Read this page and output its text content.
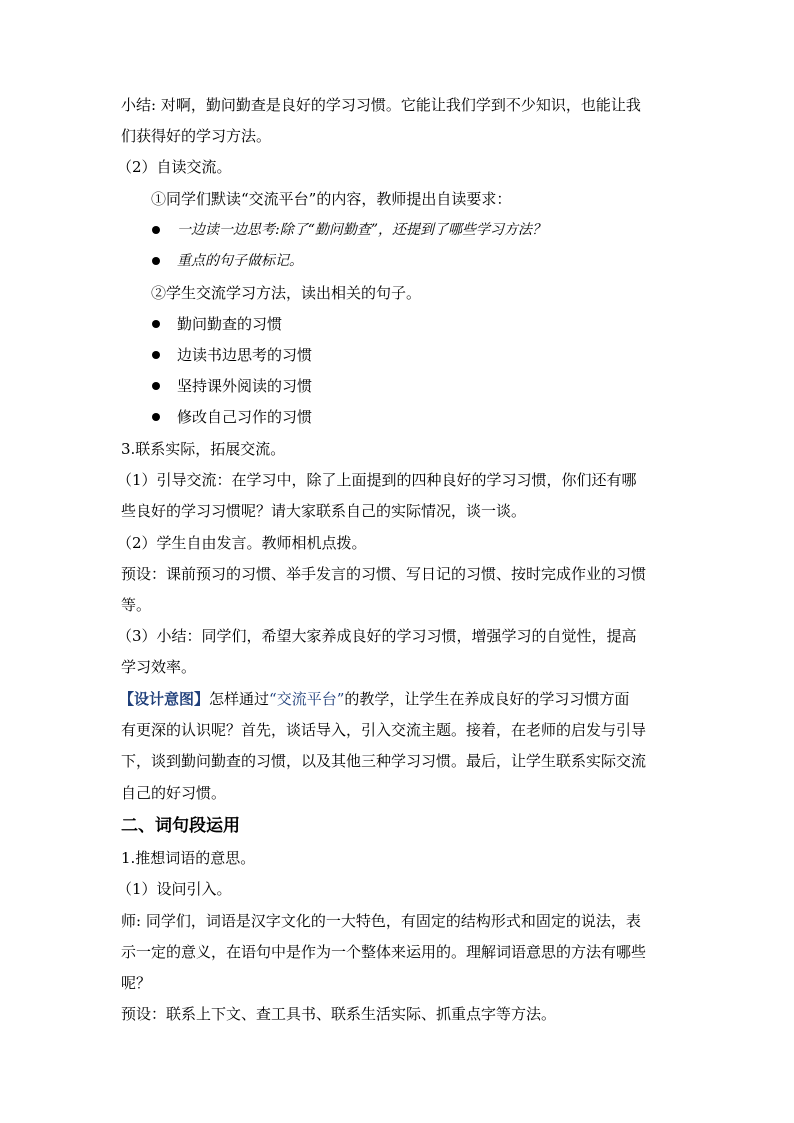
小结: 对啊，勤问勤查是良好的学习习惯。它能让我们学到不少知识，也能让我
们获得好的学习方法。
（2）自读交流。
①同学们默读“交流平台”的内容，教师提出自读要求：
一边读一边思考:除了“勤问勤查”，还提到了哪些学习方法？
重点的句子做标记。
②学生交流学习方法，读出相关的句子。
勤问勤查的习惯
边读书边思考的习惯
坚持课外阅读的习惯
修改自己习作的习惯
3.联系实际，拓展交流。
（1）引导交流：在学习中，除了上面提到的四种良好的学习习惯，你们还有哪
些良好的学习习惯呢？请大家联系自己的实际情况，谈一谈。
（2）学生自由发言。教师相机点拨。
预设：课前预习的习惯、举手发言的习惯、写日记的习惯、按时完成作业的习惯
等。
（3）小结：同学们，希望大家养成良好的学习习惯，增强学习的自觉性，提高
学习效率。
【设计意图】怎样通过“交流平台”的教学，让学生在养成良好的学习习惯方面
有更深的认识呢？首先，谈话导入，引入交流主题。接着，在老师的启发与引导
下，谈到勤问勤查的习惯，以及其他三种学习习惯。最后，让学生联系实际交流
自己的好习惯。
二、词句段运用
1.推想词语的意思。
（1）设问引入。
师: 同学们，词语是汉字文化的一大特色，有固定的结构形式和固定的说法，表
示一定的意义，在语句中是作为一个整体来运用的。理解词语意思的方法有哪些
呢？
预设：联系上下文、查工具书、联系生活实际、抓重点字等方法。
